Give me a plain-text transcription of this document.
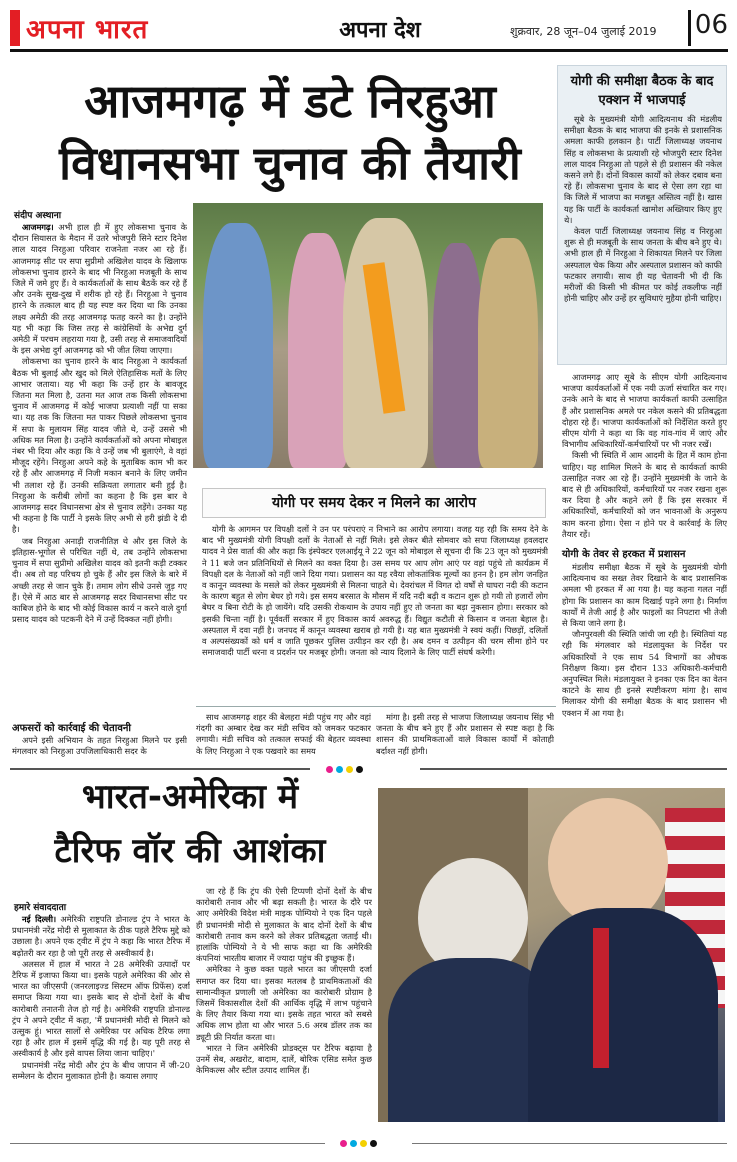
अपना भारत	अपना देश	शुक्रवार, 28 जून–04 जुलाई 2019 06
आजमगढ़ में डटे निरहुआ
विधानसभा चुनाव की तैयारी
संदीप अस्थाना

आजमगढ़। अभी हाल ही में हुए लोकसभा चुनाव के दौरान सियासत के मैदान में उतरे भोजपुरी सिने स्टार दिनेश लाल यादव निरहुआ परिवार राजनेता नजर आ रहे हैं। आजमगढ़ सीट पर सपा सुप्रीमो अखिलेश यादव के खिलाफ लोकसभा चुनाव हारने के बाद भी निरहुआ मजबूती के साथ जिले में जमे हुए हैं। वे कार्यकर्ताओं के साथ बैठकें कर रहे हैं और उनके सुख-दुख में शरीक हो रहे हैं। निरहुआ ने चुनाव हारने के तत्काल बाद ही यह स्पष्ट कर दिया था कि उनका लक्ष्य अमेठी की तरह आजमगढ़ फतह करने का है। उन्होंने यह भी कहा कि जिस तरह से कांग्रेसियों के अभेद्य दुर्ग अमेठी में परचम लहराया गया है, उसी तरह से समाजवादियों के इस अभेद्य दुर्ग आजमगढ़ को भी जीत लिया जाएगा।

लोकसभा का चुनाव हारने के बाद निरहुआ ने कार्यकर्ता बैठक भी बुलाई और खुद को मिले ऐतिहासिक मतों के लिए आभार जताया। यह भी कहा कि उन्हें हार के बावजूद जितना मत मिला है, उतना मत आज तक किसी लोकसभा चुनाव में आजमगढ़ में कोई भाजपा प्रत्याशी नहीं पा सका था। यह तक कि जितना मत पाकर पिछले लोकसभा चुनाव में सपा के मुलायम सिंह यादव जीते थे, उन्हें उससे भी अधिक मत मिला है। उन्होंने कार्यकर्ताओं को अपना मोबाइल नंबर भी दिया और कहा कि वे उन्हें जब भी बुलाएंगे, वे वहां मौजूद रहेंगे। निरहुआ अपने कहे के मुताबिक काम भी कर रहे हैं और आजमगढ़ में निजी मकान बनाने के लिए जमीन भी तलाश रहे हैं। उनकी सक्रियता लगातार बनी हुई है। निरहुआ के करीबी लोगों का कहना है कि इस बार वे आजमगढ़ सदर विधानसभा क्षेत्र से चुनाव लड़ेंगे। उनका यह भी कहना है कि पार्टी ने इसके लिए अभी से हरी झंडी दे दी है।

जब निरहुआ अनाड़ी राजनीतिज्ञ थे और इस जिले के इतिहास-भूगोल से परिचित नहीं थे, तब उन्होंने लोकसभा चुनाव में सपा सुप्रीमो अखिलेश यादव को इतनी कड़ी टक्कर दी। अब तो वह परिचय हो चुके हैं और इस जिले के बारे में अच्छी तरह से जान चुके हैं। तमाम लोग सीधे उनसे जुड़ गए हैं। ऐसे में आठ बार से आजमगढ़ सदर विधानसभा सीट पर काबिज होने के बाद भी कोई विकास कार्य न करने वाले दुर्गा प्रसाद यादव को पटकनी देने में उन्हें दिक्कत नहीं होगी।

अफसरों को कार्रवाई की चेतावनी

अपने इसी अभियान के तहत निरहुआ मिलने पर इसी मंगलवार को निरहुआ उपजिलाधिकारी सदर के

योगी की समीक्षा बैठक के बाद एक्शन में भाजपाई

सूबे के मुख्यमंत्री योगी आदित्यनाथ की मंडलीय समीक्षा बैठक के बाद भाजपा की इनके से प्रशासनिक अमला काफी हलकान है। पार्टी जिलाध्यक्ष जयनाथ सिंह व लोकसभा के प्रत्याशी रहे भोजपुरी स्टार दिनेश लाल यादव निरहुआ तो पहले से ही प्रशासन की नकेल कसने लगे हैं। दोनों विकास कार्यों को लेकर दबाव बना रहे हैं। लोकसभा चुनाव के बाद से ऐसा लग रहा था कि जिले में भाजपा का मजबूत अस्तित्व नहीं है। खास यह कि पार्टी के कार्यकर्ता खामोश अख्तियार किए हुए थे।

केवल पार्टी जिलाध्यक्ष जयनाथ सिंह व निरहुआ शुरू से ही मजबूती के साथ जनता के बीच बने हुए थे। अभी हाल ही में निरहुआ ने शिकायत मिलने पर जिला अस्पताल चेक किया और अस्पताल प्रशासन को काफी फटकार लगायी। साथ ही यह चेतावनी भी दी कि मरीजों की किसी भी कीमत पर कोई तकलीफ नहीं होनी चाहिए और उन्हें हर सुविधाएं मुहैया होनी चाहिए।

आजमगढ़ आए सूबे के सीएम योगी आदित्यनाथ भाजपा कार्यकर्ताओं में एक नयी ऊर्जा संचारित कर गए। उनके आने के बाद से भाजपा कार्यकर्ता काफी उत्साहित हैं और प्रशासनिक अमले पर नकेल कसने की प्रतिबद्धता दोहरा रहे हैं। भाजपा कार्यकर्ताओं को निर्देशित करते हुए सीएम योगी ने कहा था कि वह गांव-गांव में जाएं और विभागीय अधिकारियों-कर्मचारियों पर भी नजर रखें।

किसी भी स्थिति में आम आदमी के हित में काम होना चाहिए। यह शामिल मिलने के बाद से कार्यकर्ता काफी उत्साहित नजर आ रहे हैं। उन्होंने मुख्यमंत्री के जाने के बाद से ही अधिकारियों, कर्मचारियों पर नजर रखना शुरू कर दिया है और कहने लगे हैं कि इस सरकार में अधिकारियों, कर्मचारियों को जन भावनाओं के अनुरूप काम करना होगा। ऐसा न होने पर वे कार्रवाई के लिए तैयार रहें।

योगी के तेवर से हरकत में प्रशासन

मंडलीय समीक्षा बैठक में सूबे के मुख्यमंत्री योगी आदित्यनाथ का सख्त तेवर दिखाने के बाद प्रशासनिक अमला भी हरकत में आ गया है। यह कहना गलत नहीं होगा कि प्रशासन का काम दिखाई पड़ने लगा है। निर्माण कार्यों में तेजी आई है और फाइलों का निपटारा भी तेजी से किया जाने लगा है।

जौनपुरवली की स्थिति जांची जा रही है। स्थितियां यह रही कि मंगलवार को मंडलायुक्त के निर्देश पर अधिकारियों ने एक साथ 54 विभागों का औचक निरीक्षण किया। इस दौरान 133 अधिकारी-कर्मचारी अनुपस्थित मिले। मंडलायुक्त ने इनका एक दिन का वेतन काटने के साथ ही इनसे स्पष्टीकरण मांगा है। साथ मिलाकर योगी की समीक्षा बैठक के बाद प्रशासन भी एक्शन में आ गया है।

योगी पर समय देकर न मिलने का आरोप

योगी के आगमन पर विपक्षी दलों ने उन पर परंपराएं न निभाने का आरोप लगाया। वजह यह रही कि समय देने के बाद भी मुख्यमंत्री योगी विपक्षी दलों के नेताओं से नहीं मिले। इसे लेकर बीते सोमवार को सपा जिलाध्यक्ष हवलदार यादव ने प्रेस वार्ता की और कहा कि इंस्पेक्टर एलआईयू ने 22 जून को मोबाइल से सूचना दी कि 23 जून को मुख्यमंत्री ने 11 बजे जन प्रतिनिधियों से मिलने का वक्त दिया है। उस समय पर आप लोग आएं पर वहां पहुंचे तो कार्यक्रम में विपक्षी दल के नेताओं को नहीं जाने दिया गया। प्रशासन का यह रवैया लोकतांत्रिक मूल्यों का हनन है। हम लोग जनहित व कानून व्यवस्था के मसले को लेकर मुख्यमंत्री से मिलना चाहते थे। देवरांचल में विगत दो वर्षों से घाघरा नदी की कटान के कारण बहुत से लोग बेघर हो गये। इस समय बरसात के मौसम में यदि नदी बढ़ी व कटान शुरू हो गयी तो हजारों लोग बेघर व बिना रोटी के हो जायेंगे। यदि उसकी रोकथाम के उपाय नहीं हुए तो जनता का बड़ा नुकसान होगा। सरकार को इसकी चिन्ता नहीं है। पूर्ववर्ती सरकार में हुए विकास कार्य अवरुद्ध हैं। विद्युत कटौती से किसान व जनता बेहाल है। अस्पताल में दवा नहीं है। जनपद में कानून व्यवस्था खराब हो गयी है। यह बात मुख्यमंत्री ने स्वयं कहीं। पिछड़ों, दलितों व अल्पसंख्यकों को धर्म व जाति पूछकर पुलिस उत्पीड़न कर रही है। अब दमन व उत्पीड़न की चरम सीमा होने पर समाजवादी पार्टी धरना व प्रदर्शन पर मजबूर होगी। जनता को न्याय दिलाने के लिए पार्टी संघर्ष करेगी।

साथ आजमगढ़ शहर की बेलहरा मंडी पहुंच गए और वहां गंदगी का अम्बार देख कर मंडी सचिव को जमकर फटकार लगायी। मंडी सचिव को तत्काल सफाई की बेहतर व्यवस्था के लिए निरहुआ ने एक पखवारे का समय

मांगा है। इसी तरह से भाजपा जिलाध्यक्ष जयनाथ सिंह भी जनता के बीच बने हुए हैं और प्रशासन से स्पष्ट कहा है कि शासन की प्राथमिकताओं वाले विकास कार्यों में कोताही बर्दाश्त नहीं होगी।

भारत-अमेरिका में
टैरिफ वॉर की आशंका
हमारे संवाददाता

नई दिल्ली। अमेरिकी राष्ट्रपति डोनाल्ड ट्रंप ने भारत के प्रधानमंत्री नरेंद्र मोदी से मुलाकात के ठीक पहले टैरिफ मुद्दे को उछाला है। अपने एक ट्वीट में ट्रंप ने कहा कि भारत टैरिफ में बढ़ोतरी कर रहा है जो पूरी तरह से अस्वीकार्य है।

अलसल में हाल में भारत ने 28 अमेरिकी उत्पादों पर टैरिफ में इजाफा किया था। इसके पहले अमेरिका की ओर से भारत का जीएसपी (जनरलाइज्ड सिस्टम ऑफ प्रिफेंस) दर्जा समाप्त किया गया था। इसके बाद से दोनों देशों के बीच कारोबारी तनातनी तेज हो गई है। अमेरिकी राष्ट्रपति डोनाल्ड ट्रंप ने अपने ट्वीट में कहा, 'मैं प्रधानमंत्री मोदी से मिलने को उत्सुक हूं। भारत सालों से अमेरिका पर अधिक टैरिफ लगा रहा है और हाल में इसमें वृद्धि की गई है। यह पूरी तरह से अस्वीकार्य है और इसे वापस लिया जाना चाहिए।'

प्रधानमंत्री नरेंद्र मोदी और ट्रंप के बीच जापान में जी-20 सम्मेलन के दौरान मुलाकात होनी है। कयास लगाए

जा रहे हैं कि ट्रंप की ऐसी टिप्पणी दोनों देशों के बीच कारोबारी तनाव और भी बढ़ा सकती है। भारत के दौरे पर आए अमेरिकी विदेश मंत्री माइक पोम्पियो ने एक दिन पहले ही प्रधानमंत्री मोदी से मुलाकात के बाद दोनों देशों के बीच कारोबारी तनाव कम करने को लेकर प्रतिबद्धता जताई थी। हालांकि पोम्पियो ने ये भी साफ कहा था कि अमेरिकी कंपनियां भारतीय बाजार में ज्यादा पहुंच की इच्छुक हैं।

अमेरिका ने कुछ वक्त पहले भारत का जीएसपी दर्जा समाप्त कर दिया था। इसका मतलब है प्राथमिकताओं की सामान्यीकृत प्रणाली जो अमेरिका का कारोबारी प्रोग्राम है जिसमें विकासशील देशों की आर्थिक वृद्धि में लाभ पहुंचाने के लिए तैयार किया गया था। इसके तहत भारत को सबसे अधिक लाभ होता था और भारत 5.6 अरब डॉलर तक का ड्यूटी फ्री निर्यात करता था।

भारत ने जिन अमेरिकी प्रोडक्ट्स पर टैरिफ बढ़ाया है उनमें सेब, अखरोट, बादाम, दालें, बोरिक एसिड समेत कुछ केमिकल्स और स्टील उत्पाद शामिल हैं।
